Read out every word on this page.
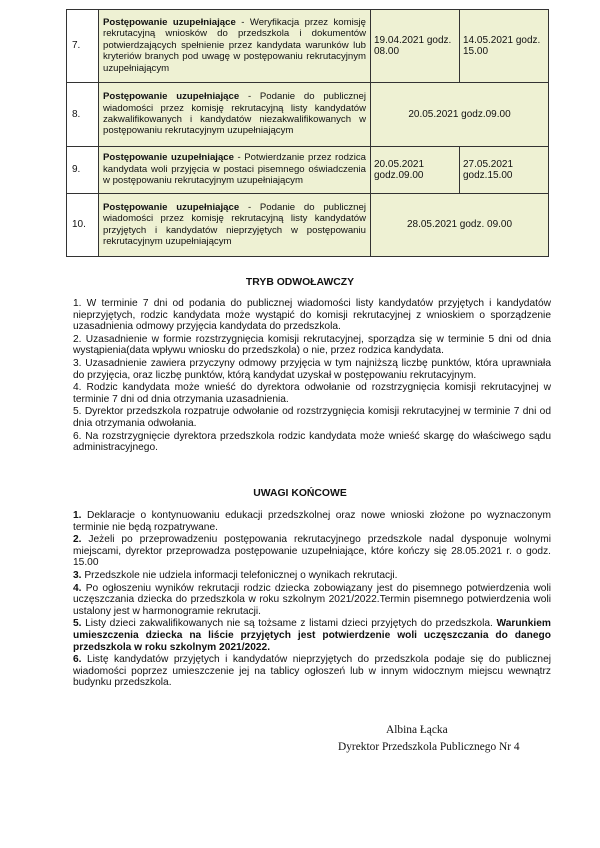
7.	Postępowanie uzupełniające - Weryfikacja przez komisję rekrutacyjną wniosków do przedszkola i dokumentów potwierdzających spełnienie przez kandydata warunków lub kryteriów branych pod uwagę w postępowaniu rekrutacyjnym uzupełniającym	19.04.2021 godz. 08.00	14.05.2021 godz. 15.00
8.	Postępowanie uzupełniające - Podanie do publicznej wiadomości przez komisję rekrutacyjną listy kandydatów zakwalifikowanych i kandydatów niezakwalifikowanych w postępowaniu rekrutacyjnym uzupełniającym	20.05.2021 godz.09.00	
9.	Postępowanie uzupełniające - Potwierdzanie przez rodzica kandydata woli przyjęcia w postaci pisemnego oświadczenia w postępowaniu rekrutacyjnym uzupełniającym	20.05.2021 godz.09.00	27.05.2021 godz.15.00
10.	Postępowanie uzupełniające - Podanie do publicznej wiadomości przez komisję rekrutacyjną listy kandydatów przyjętych i kandydatów nieprzyjętych w postępowaniu rekrutacyjnym uzupełniającym	28.05.2021 godz. 09.00	
TRYB ODWOŁAWCZY

1. W terminie 7 dni od podania do publicznej wiadomości listy kandydatów przyjętych i kandydatów nieprzyjętych, rodzic kandydata może wystąpić do komisji rekrutacyjnej z wnioskiem o sporządzenie uzasadnienia odmowy przyjęcia kandydata do przedszkola.

2. Uzasadnienie w formie rozstrzygnięcia komisji rekrutacyjnej, sporządza się w terminie 5 dni od dnia wystąpienia(data wpływu wniosku do przedszkola) o nie, przez rodzica kandydata.

3. Uzasadnienie zawiera przyczyny odmowy przyjęcia w tym najniższą liczbę punktów, która uprawniała do przyjęcia, oraz liczbę punktów, którą kandydat uzyskał w postępowaniu rekrutacyjnym.

4. Rodzic kandydata może wnieść do dyrektora odwołanie od rozstrzygnięcia komisji rekrutacyjnej w terminie 7 dni od dnia otrzymania uzasadnienia.

5. Dyrektor przedszkola rozpatruje odwołanie od rozstrzygnięcia komisji rekrutacyjnej w terminie 7 dni od dnia otrzymania odwołania.

6. Na rozstrzygnięcie dyrektora przedszkola rodzic kandydata może wnieść skargę do właściwego sądu administracyjnego.

UWAGI KOŃCOWE

1. Deklaracje o kontynuowaniu edukacji przedszkolnej oraz nowe wnioski złożone po wyznaczonym terminie nie będą rozpatrywane.

2. Jeżeli po przeprowadzeniu postępowania rekrutacyjnego przedszkole nadal dysponuje wolnymi miejscami, dyrektor przeprowadza postępowanie uzupełniające, które kończy się 28.05.2021 r. o godz. 15.00

3. Przedszkole nie udziela informacji telefonicznej o wynikach rekrutacji.

4. Po ogłoszeniu wyników rekrutacji rodzic dziecka zobowiązany jest do pisemnego potwierdzenia woli uczęszczania dziecka do przedszkola w roku szkolnym 2021/2022.Termin pisemnego potwierdzenia woli ustalony jest w harmonogramie rekrutacji.

5. Listy dzieci zakwalifikowanych nie są tożsame z listami dzieci przyjętych do przedszkola. Warunkiem umieszczenia dziecka na liście przyjętych jest potwierdzenie woli uczęszczania do danego przedszkola w roku szkolnym 2021/2022.

6. Listę kandydatów przyjętych i kandydatów nieprzyjętych do przedszkola podaje się do publicznej wiadomości poprzez umieszczenie jej na tablicy ogłoszeń lub w innym widocznym miejscu wewnątrz budynku przedszkola.

Albina Łącka
Dyrektor Przedszkola Publicznego Nr 4
